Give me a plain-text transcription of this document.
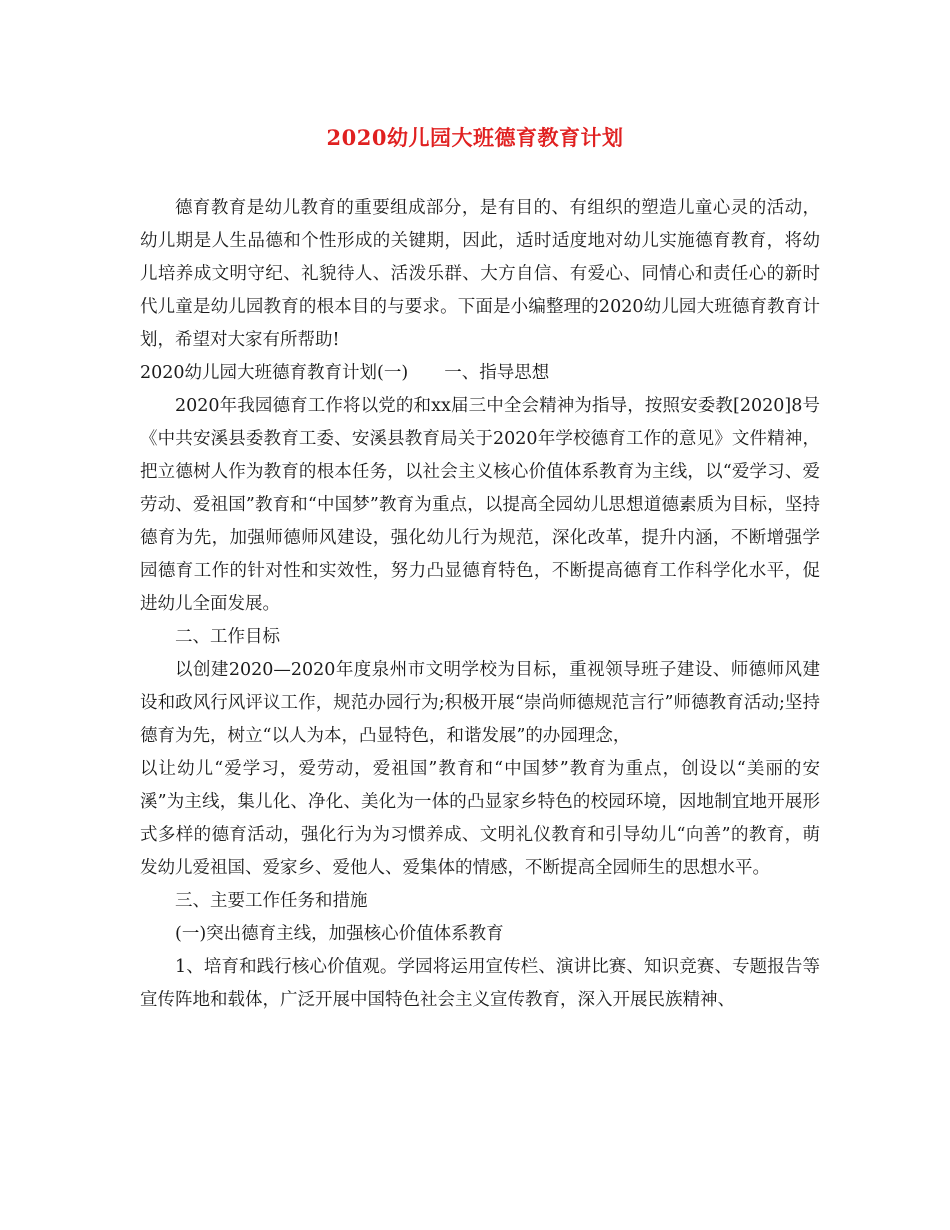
2020幼儿园大班德育教育计划

德育教育是幼儿教育的重要组成部分，是有目的、有组织的塑造儿童心灵的活动，幼儿期是人生品德和个性形成的关键期，因此，适时适度地对幼儿实施德育教育，将幼儿培养成文明守纪、礼貌待人、活泼乐群、大方自信、有爱心、同情心和责任心的新时代儿童是幼儿园教育的根本目的与要求。下面是小编整理的2020幼儿园大班德育教育计划，希望对大家有所帮助!

2020幼儿园大班德育教育计划(一) 一、指导思想

2020年我园德育工作将以党的和xx届三中全会精神为指导，按照安委教[2020]8号《中共安溪县委教育工委、安溪县教育局关于2020年学校德育工作的意见》文件精神，把立德树人作为教育的根本任务，以社会主义核心价值体系教育为主线，以“爱学习、爱劳动、爱祖国”教育和“中国梦”教育为重点，以提高全园幼儿思想道德素质为目标，坚持德育为先，加强师德师风建设，强化幼儿行为规范，深化改革，提升内涵，不断增强学园德育工作的针对性和实效性，努力凸显德育特色，不断提高德育工作科学化水平，促进幼儿全面发展。

二、工作目标

以创建2020—2020年度泉州市文明学校为目标，重视领导班子建设、师德师风建设和政风行风评议工作，规范办园行为;积极开展“崇尚师德规范言行”师德教育活动;坚持德育为先，树立“以人为本，凸显特色，和谐发展”的办园理念，

以让幼儿“爱学习，爱劳动，爱祖国”教育和“中国梦”教育为重点，创设以“美丽的安溪”为主线，集儿化、净化、美化为一体的凸显家乡特色的校园环境，因地制宜地开展形式多样的德育活动，强化行为为习惯养成、文明礼仪教育和引导幼儿“向善”的教育，萌发幼儿爱祖国、爱家乡、爱他人、爱集体的情感，不断提高全园师生的思想水平。

三、主要工作任务和措施

(一)突出德育主线，加强核心价值体系教育

1、培育和践行核心价值观。学园将运用宣传栏、演讲比赛、知识竞赛、专题报告等宣传阵地和载体，广泛开展中国特色社会主义宣传教育，深入开展民族精神、
